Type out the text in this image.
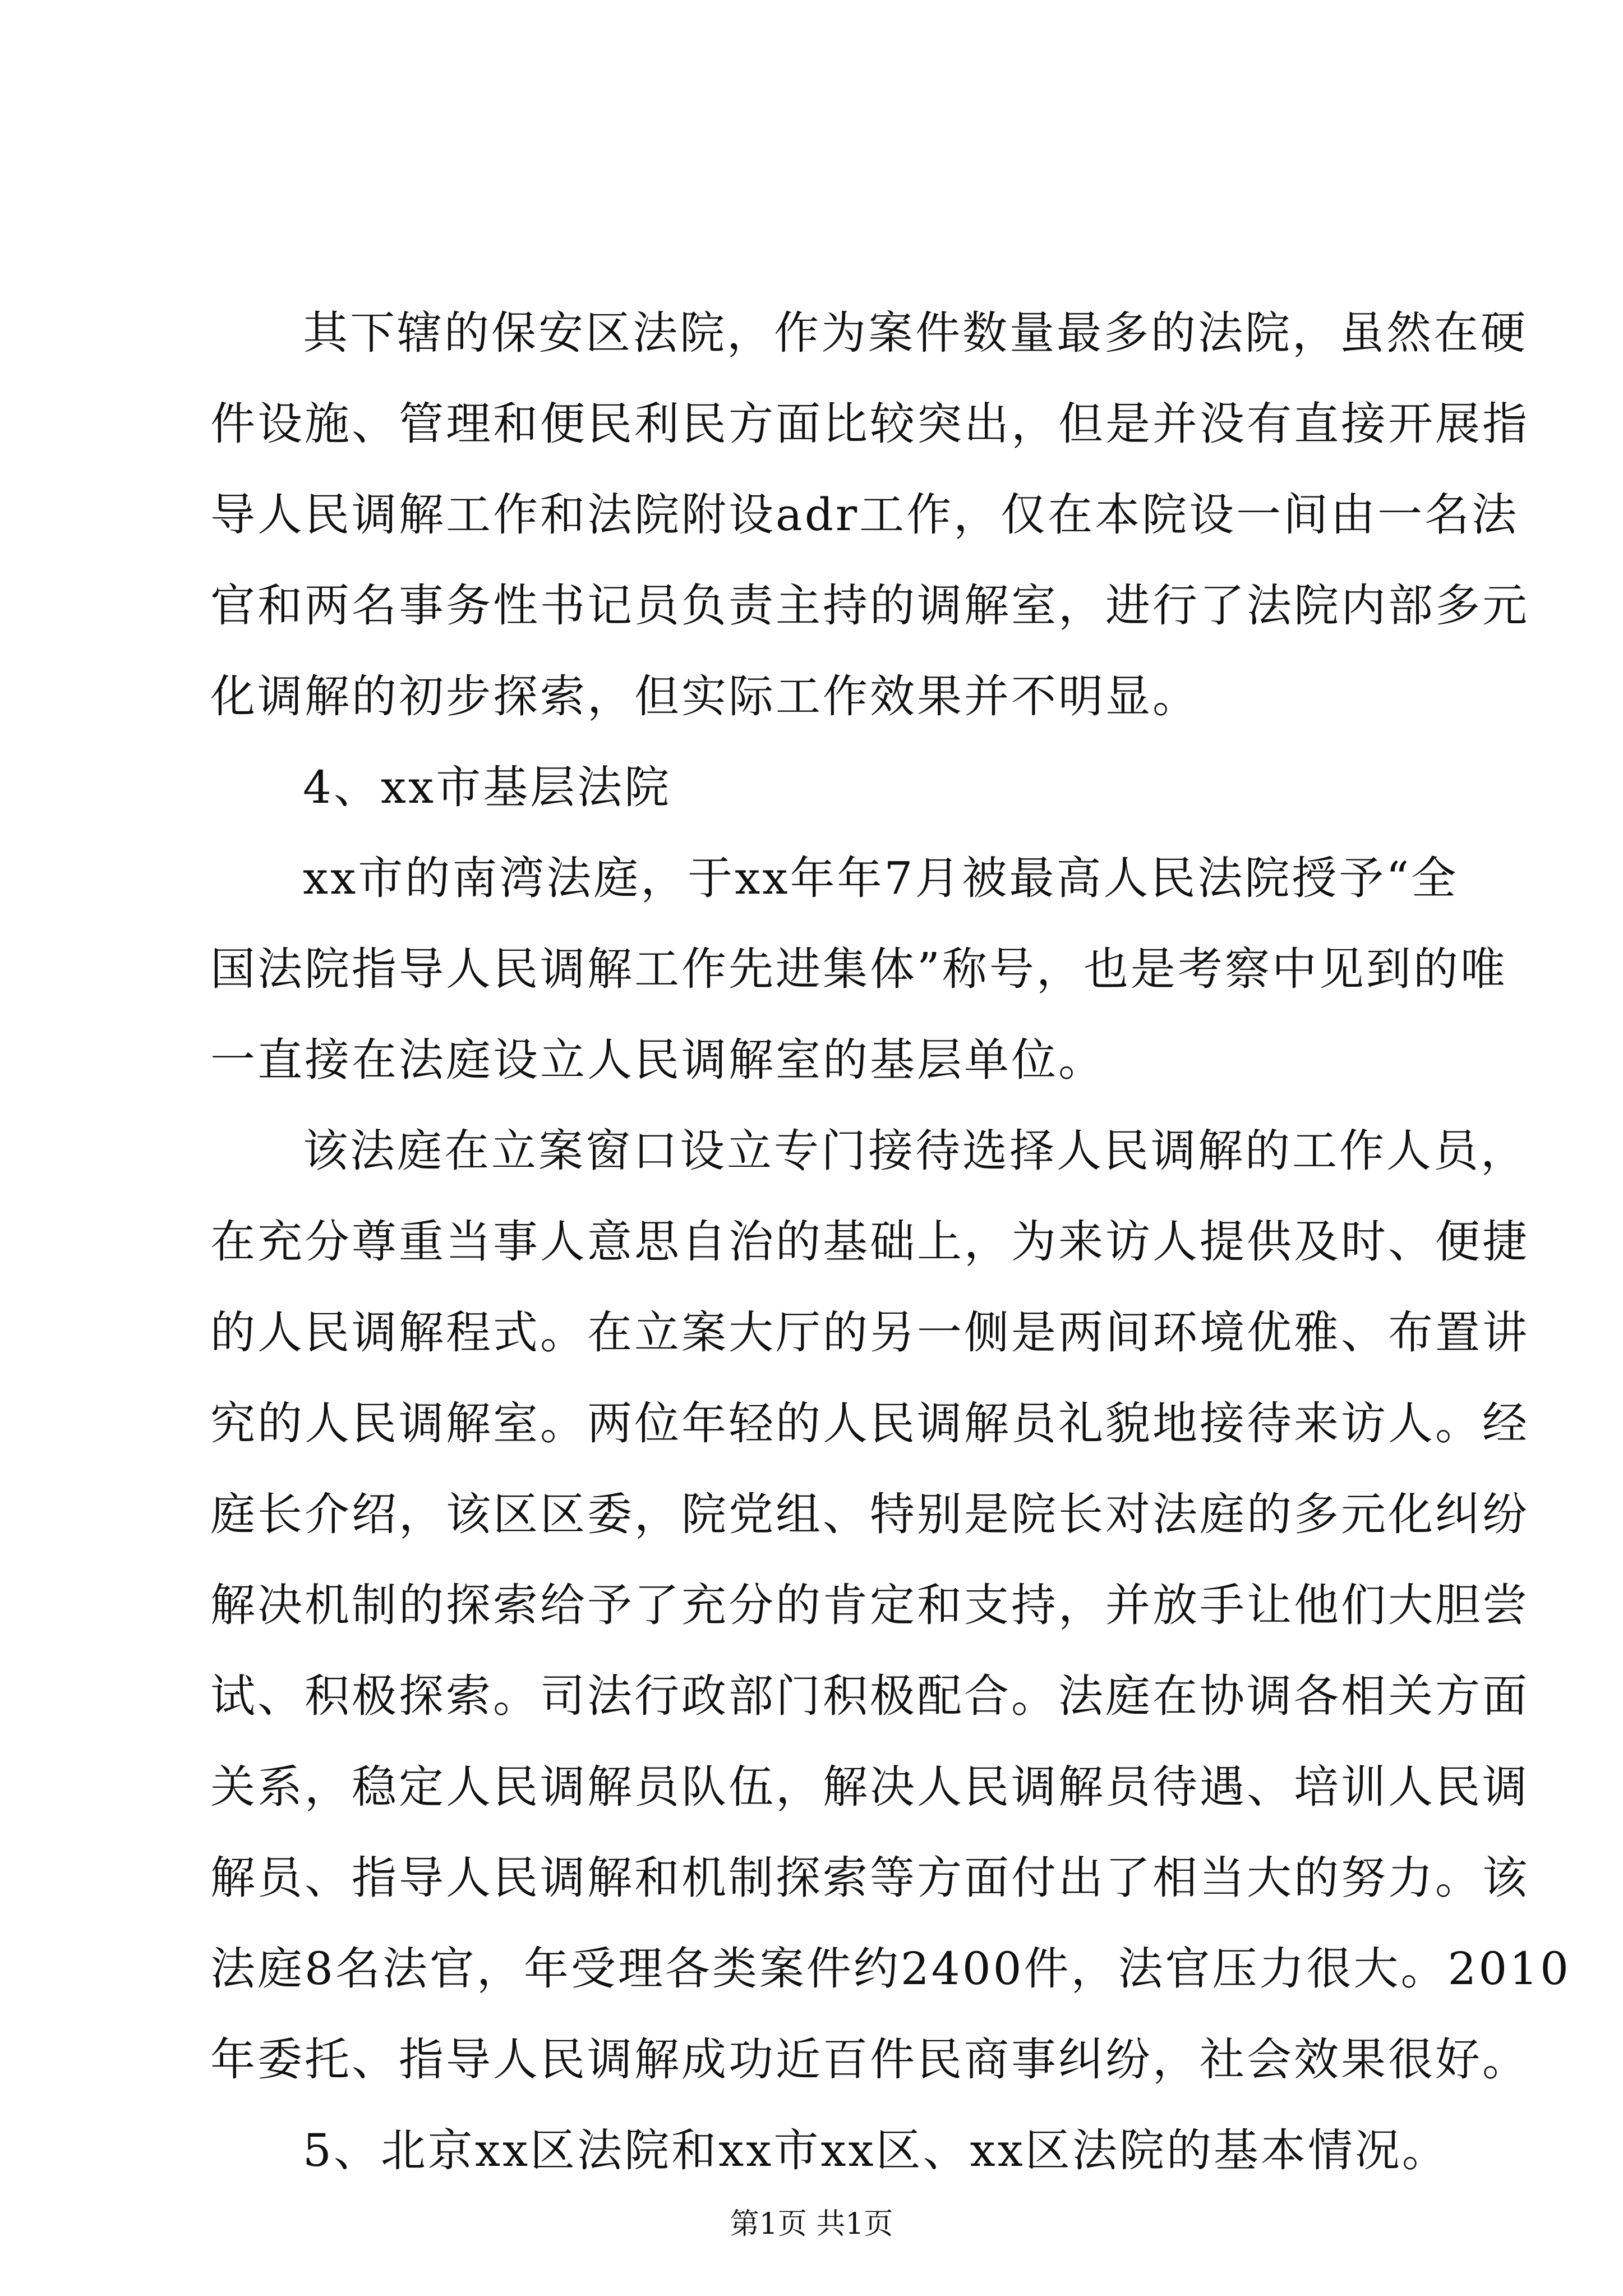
其下辖的保安区法院，作为案件数量最多的法院，虽然在硬
件设施、管理和便民利民方面比较突出，但是并没有直接开展指
导人民调解工作和法院附设adr工作，仅在本院设一间由一名法
官和两名事务性书记员负责主持的调解室，进行了法院内部多元
化调解的初步探索，但实际工作效果并不明显。
4、xx市基层法院
xx市的南湾法庭，于xx年年7月被最高人民法院授予“全
国法院指导人民调解工作先进集体”称号，也是考察中见到的唯
一直接在法庭设立人民调解室的基层单位。
该法庭在立案窗口设立专门接待选择人民调解的工作人员，
在充分尊重当事人意思自治的基础上，为来访人提供及时、便捷
的人民调解程式。在立案大厅的另一侧是两间环境优雅、布置讲
究的人民调解室。两位年轻的人民调解员礼貌地接待来访人。经
庭长介绍，该区区委，院党组、特别是院长对法庭的多元化纠纷
解决机制的探索给予了充分的肯定和支持，并放手让他们大胆尝
试、积极探索。司法行政部门积极配合。法庭在协调各相关方面
关系，稳定人民调解员队伍，解决人民调解员待遇、培训人民调
解员、指导人民调解和机制探索等方面付出了相当大的努力。该
法庭8名法官，年受理各类案件约2400件，法官压力很大。2010
年委托、指导人民调解成功近百件民商事纠纷，社会效果很好。
5、北京xx区法院和xx市xx区、xx区法院的基本情况。
第1页 共1页
